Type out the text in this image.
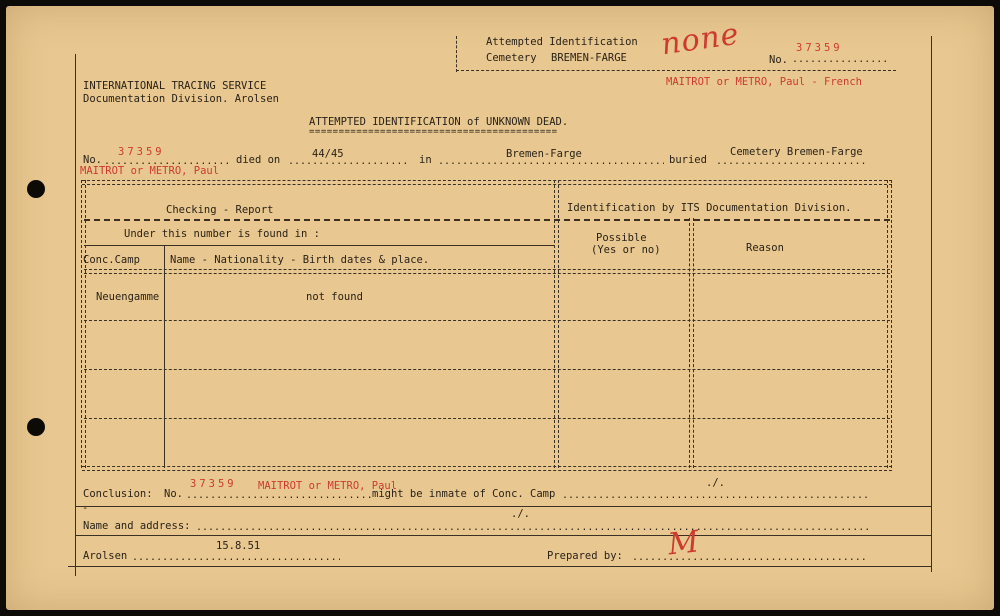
Attempted Identification
Cemetery BREMEN-FARGE none	No.
37359
.....
INTERNATIONAL TRACING SERVICE
Documentation Division. Arolsen
MAITROT or METRO, Paul - French
ATTEMPTED IDENTIFICATION of UNKNOWN DEAD.
==========================================
No.
.....
37359
MAITROT or METRO, Paul
died on
.....	44/45	in
.....	Bremen-Farge	buried
.....
Cemetery Bremen-Farge
Checking - Report	Identification by ITS Documentation Division.
Under this number is found in :	Possible
(Yes or no)	Reason
Conc.Camp	Name - Nationality - Birth dates & place.
Neuengamme	not found
Conclusion: No.
.....
37359 MAITROT or METRO, Paul
might be inmate of Conc. Camp
.....
./.
-	./.
Name and address:
.....
Arolsen
.....
15.8.51
Prepared by:
..... M
